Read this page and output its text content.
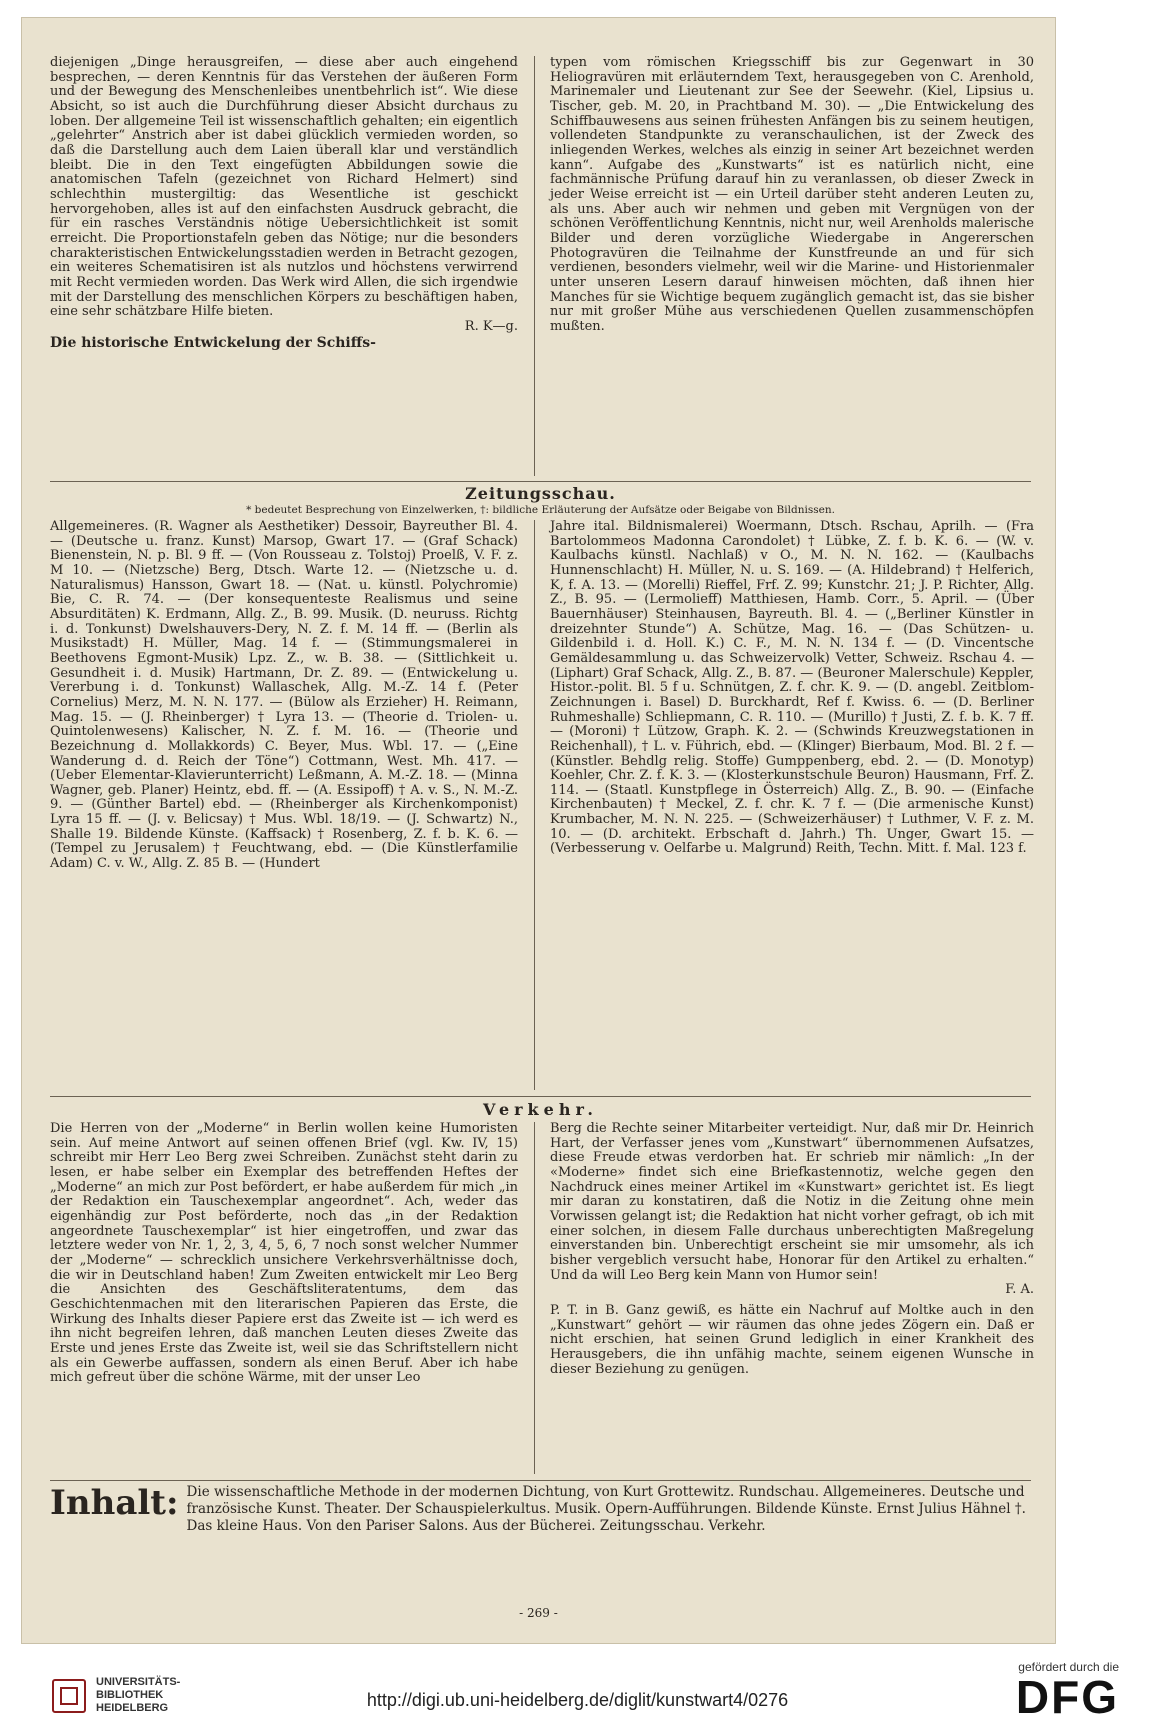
diejenigen „Dinge herausgreifen, — diese aber auch eingehend besprechen, — deren Kenntnis für das Verstehen der äußeren Form und der Bewegung des Menschenleibes unentbehrlich ist“. Wie diese Absicht, so ist auch die Durchführung dieser Absicht durchaus zu loben. Der allgemeine Teil ist wissenschaftlich gehalten; ein eigentlich „gelehrter“ Anstrich aber ist dabei glücklich vermieden worden, so daß die Darstellung auch dem Laien überall klar und verständlich bleibt. Die in den Text eingefügten Abbildungen sowie die anatomischen Tafeln (gezeichnet von Richard Helmert) sind schlechthin mustergiltig: das Wesentliche ist geschickt hervorgehoben, alles ist auf den einfachsten Ausdruck gebracht, die für ein rasches Verständnis nötige Uebersichtlichkeit ist somit erreicht. Die Proportionstafeln geben das Nötige; nur die besonders charakteristischen Entwickelungsstadien werden in Betracht gezogen, ein weiteres Schematisiren ist als nutzlos und höchstens verwirrend mit Recht vermieden worden. Das Werk wird Allen, die sich irgendwie mit der Darstellung des menschlichen Körpers zu beschäftigen haben, eine sehr schätzbare Hilfe bieten.

R. K—g.

Die historische Entwickelung der Schiffs-

typen vom römischen Kriegsschiff bis zur Gegenwart in 30 Heliogravüren mit erläuterndem Text, herausgegeben von C. Arenhold, Marinemaler und Lieutenant zur See der Seewehr. (Kiel, Lipsius u. Tischer, geb. M. 20, in Prachtband M. 30). — „Die Entwickelung des Schiffbauwesens aus seinen frühesten Anfängen bis zu seinem heutigen, vollendeten Standpunkte zu veranschaulichen, ist der Zweck des inliegenden Werkes, welches als einzig in seiner Art bezeichnet werden kann“. Aufgabe des „Kunstwarts“ ist es natürlich nicht, eine fachmännische Prüfung darauf hin zu veranlassen, ob dieser Zweck in jeder Weise erreicht ist — ein Urteil darüber steht anderen Leuten zu, als uns. Aber auch wir nehmen und geben mit Vergnügen von der schönen Veröffentlichung Kenntnis, nicht nur, weil Arenholds malerische Bilder und deren vorzügliche Wiedergabe in Angererschen Photogravüren die Teilnahme der Kunstfreunde an und für sich verdienen, besonders vielmehr, weil wir die Marine- und Historienmaler unter unseren Lesern darauf hinweisen möchten, daß ihnen hier Manches für sie Wichtige bequem zugänglich gemacht ist, das sie bisher nur mit großer Mühe aus verschiedenen Quellen zusammenschöpfen mußten.

Zeitungsschau.
* bedeutet Besprechung von Einzelwerken, †: bildliche Erläuterung der Aufsätze oder Beigabe von Bildnissen.

Allgemeineres. (R. Wagner als Aesthetiker) Dessoir, Bayreuther Bl. 4. — (Deutsche u. franz. Kunst) Marsop, Gwart 17. — (Graf Schack) Bienenstein, N. p. Bl. 9 ff. — (Von Rousseau z. Tolstoj) Proelß, V. F. z. M 10. — (Nietzsche) Berg, Dtsch. Warte 12. — (Nietzsche u. d. Naturalismus) Hansson, Gwart 18. — (Nat. u. künstl. Polychromie) Bie, C. R. 74. — (Der konsequenteste Realismus und seine Absurditäten) K. Erdmann, Allg. Z., B. 99. Musik. (D. neuruss. Richtg i. d. Tonkunst) Dwelshauvers-Dery, N. Z. f. M. 14 ff. — (Berlin als Musikstadt) H. Müller, Mag. 14 f. — (Stimmungsmalerei in Beethovens Egmont-Musik) Lpz. Z., w. B. 38. — (Sittlichkeit u. Gesundheit i. d. Musik) Hartmann, Dr. Z. 89. — (Entwickelung u. Vererbung i. d. Tonkunst) Wallaschek, Allg. M.-Z. 14 f. (Peter Cornelius) Merz, M. N. N. 177. — (Bülow als Erzieher) H. Reimann, Mag. 15. — (J. Rheinberger) † Lyra 13. — (Theorie d. Triolen- u. Quintolenwesens) Kalischer, N. Z. f. M. 16. — (Theorie und Bezeichnung d. Mollakkords) C. Beyer, Mus. Wbl. 17. — („Eine Wanderung d. d. Reich der Töne“) Cottmann, West. Mh. 417. — (Ueber Elementar-Klavierunterricht) Leßmann, A. M.-Z. 18. — (Minna Wagner, geb. Planer) Heintz, ebd. ff. — (A. Essipoff) † A. v. S., N. M.-Z. 9. — (Günther Bartel) ebd. — (Rheinberger als Kirchenkomponist) Lyra 15 ff. — (J. v. Belicsay) † Mus. Wbl. 18/19. — (J. Schwartz) N., Shalle 19. Bildende Künste. (Kaffsack) † Rosenberg, Z. f. b. K. 6. — (Tempel zu Jerusalem) † Feuchtwang, ebd. — (Die Künstlerfamilie Adam) C. v. W., Allg. Z. 85 B. — (Hundert

Jahre ital. Bildnismalerei) Woermann, Dtsch. Rschau, Aprilh. — (Fra Bartolommeos Madonna Carondolet) † Lübke, Z. f. b. K. 6. — (W. v. Kaulbachs künstl. Nachlaß) v O., M. N. N. 162. — (Kaulbachs Hunnenschlacht) H. Müller, N. u. S. 169. — (A. Hildebrand) † Helferich, K, f. A. 13. — (Morelli) Rieffel, Frf. Z. 99; Kunstchr. 21; J. P. Richter, Allg. Z., B. 95. — (Lermolieff) Matthiesen, Hamb. Corr., 5. April. — (Über Bauernhäuser) Steinhausen, Bayreuth. Bl. 4. — („Berliner Künstler in dreizehnter Stunde“) A. Schütze, Mag. 16. — (Das Schützen- u. Gildenbild i. d. Holl. K.) C. F., M. N. N. 134 f. — (D. Vincentsche Gemäldesammlung u. das Schweizervolk) Vetter, Schweiz. Rschau 4. — (Liphart) Graf Schack, Allg. Z., B. 87. — (Beuroner Malerschule) Keppler, Histor.-polit. Bl. 5 f u. Schnütgen, Z. f. chr. K. 9. — (D. angebl. Zeitblom-Zeichnungen i. Basel) D. Burckhardt, Ref f. Kwiss. 6. — (D. Berliner Ruhmeshalle) Schliepmann, C. R. 110. — (Murillo) † Justi, Z. f. b. K. 7 ff. — (Moroni) † Lützow, Graph. K. 2. — (Schwinds Kreuzwegstationen in Reichenhall), † L. v. Führich, ebd. — (Klinger) Bierbaum, Mod. Bl. 2 f. — (Künstler. Behdlg relig. Stoffe) Gumppenberg, ebd. 2. — (D. Monotyp) Koehler, Chr. Z. f. K. 3. — (Klosterkunstschule Beuron) Hausmann, Frf. Z. 114. — (Staatl. Kunstpflege in Österreich) Allg. Z., B. 90. — (Einfache Kirchenbauten) † Meckel, Z. f. chr. K. 7 f. — (Die armenische Kunst) Krumbacher, M. N. N. 225. — (Schweizerhäuser) † Luthmer, V. F. z. M. 10. — (D. architekt. Erbschaft d. Jahrh.) Th. Unger, Gwart 15. — (Verbesserung v. Oelfarbe u. Malgrund) Reith, Techn. Mitt. f. Mal. 123 f.

Verkehr.

Die Herren von der „Moderne“ in Berlin wollen keine Humoristen sein. Auf meine Antwort auf seinen offenen Brief (vgl. Kw. IV, 15) schreibt mir Herr Leo Berg zwei Schreiben. Zunächst steht darin zu lesen, er habe selber ein Exemplar des betreffenden Heftes der „Moderne“ an mich zur Post befördert, er habe außerdem für mich „in der Redaktion ein Tauschexemplar angeordnet“. Ach, weder das eigenhändig zur Post beförderte, noch das „in der Redaktion angeordnete Tauschexemplar“ ist hier eingetroffen, und zwar das letztere weder von Nr. 1, 2, 3, 4, 5, 6, 7 noch sonst welcher Nummer der „Moderne“ — schrecklich unsichere Verkehrsverhältnisse doch, die wir in Deutschland haben! Zum Zweiten entwickelt mir Leo Berg die Ansichten des Geschäftsliteratentums, dem das Geschichtenmachen mit den literarischen Papieren das Erste, die Wirkung des Inhalts dieser Papiere erst das Zweite ist — ich werd es ihn nicht begreifen lehren, daß manchen Leuten dieses Zweite das Erste und jenes Erste das Zweite ist, weil sie das Schriftstellern nicht als ein Gewerbe auffassen, sondern als einen Beruf. Aber ich habe mich gefreut über die schöne Wärme, mit der unser Leo

Berg die Rechte seiner Mitarbeiter verteidigt. Nur, daß mir Dr. Heinrich Hart, der Verfasser jenes vom „Kunstwart“ übernommenen Aufsatzes, diese Freude etwas verdorben hat. Er schrieb mir nämlich: „In der «Moderne» findet sich eine Briefkastennotiz, welche gegen den Nachdruck eines meiner Artikel im «Kunstwart» gerichtet ist. Es liegt mir daran zu konstatiren, daß die Notiz in die Zeitung ohne mein Vorwissen gelangt ist; die Redaktion hat nicht vorher gefragt, ob ich mit einer solchen, in diesem Falle durchaus unberechtigten Maßregelung einverstanden bin. Unberechtigt erscheint sie mir umsomehr, als ich bisher vergeblich versucht habe, Honorar für den Artikel zu erhalten.“ Und da will Leo Berg kein Mann von Humor sein!

F. A.

P. T. in B. Ganz gewiß, es hätte ein Nachruf auf Moltke auch in den „Kunstwart“ gehört — wir räumen das ohne jedes Zögern ein. Daß er nicht erschien, hat seinen Grund lediglich in einer Krankheit des Herausgebers, die ihn unfähig machte, seinem eigenen Wunsche in dieser Beziehung zu genügen.

Inhalt: Die wissenschaftliche Methode in der modernen Dichtung, von Kurt Grottewitz. Rundschau. Allgemeineres. Deutsche und französische Kunst. Theater. Der Schauspielerkultus. Musik. Opern-Aufführungen. Bildende Künste. Ernst Julius Hähnel †. Das kleine Haus. Von den Pariser Salons. Aus der Bücherei. Zeitungsschau. Verkehr.
- 269 -
UNIVERSITÄTS-
BIBLIOTHEK
HEIDELBERG	http://digi.ub.uni-heidelberg.de/diglit/kunstwart4/0276
gefördert durch die
DFG
